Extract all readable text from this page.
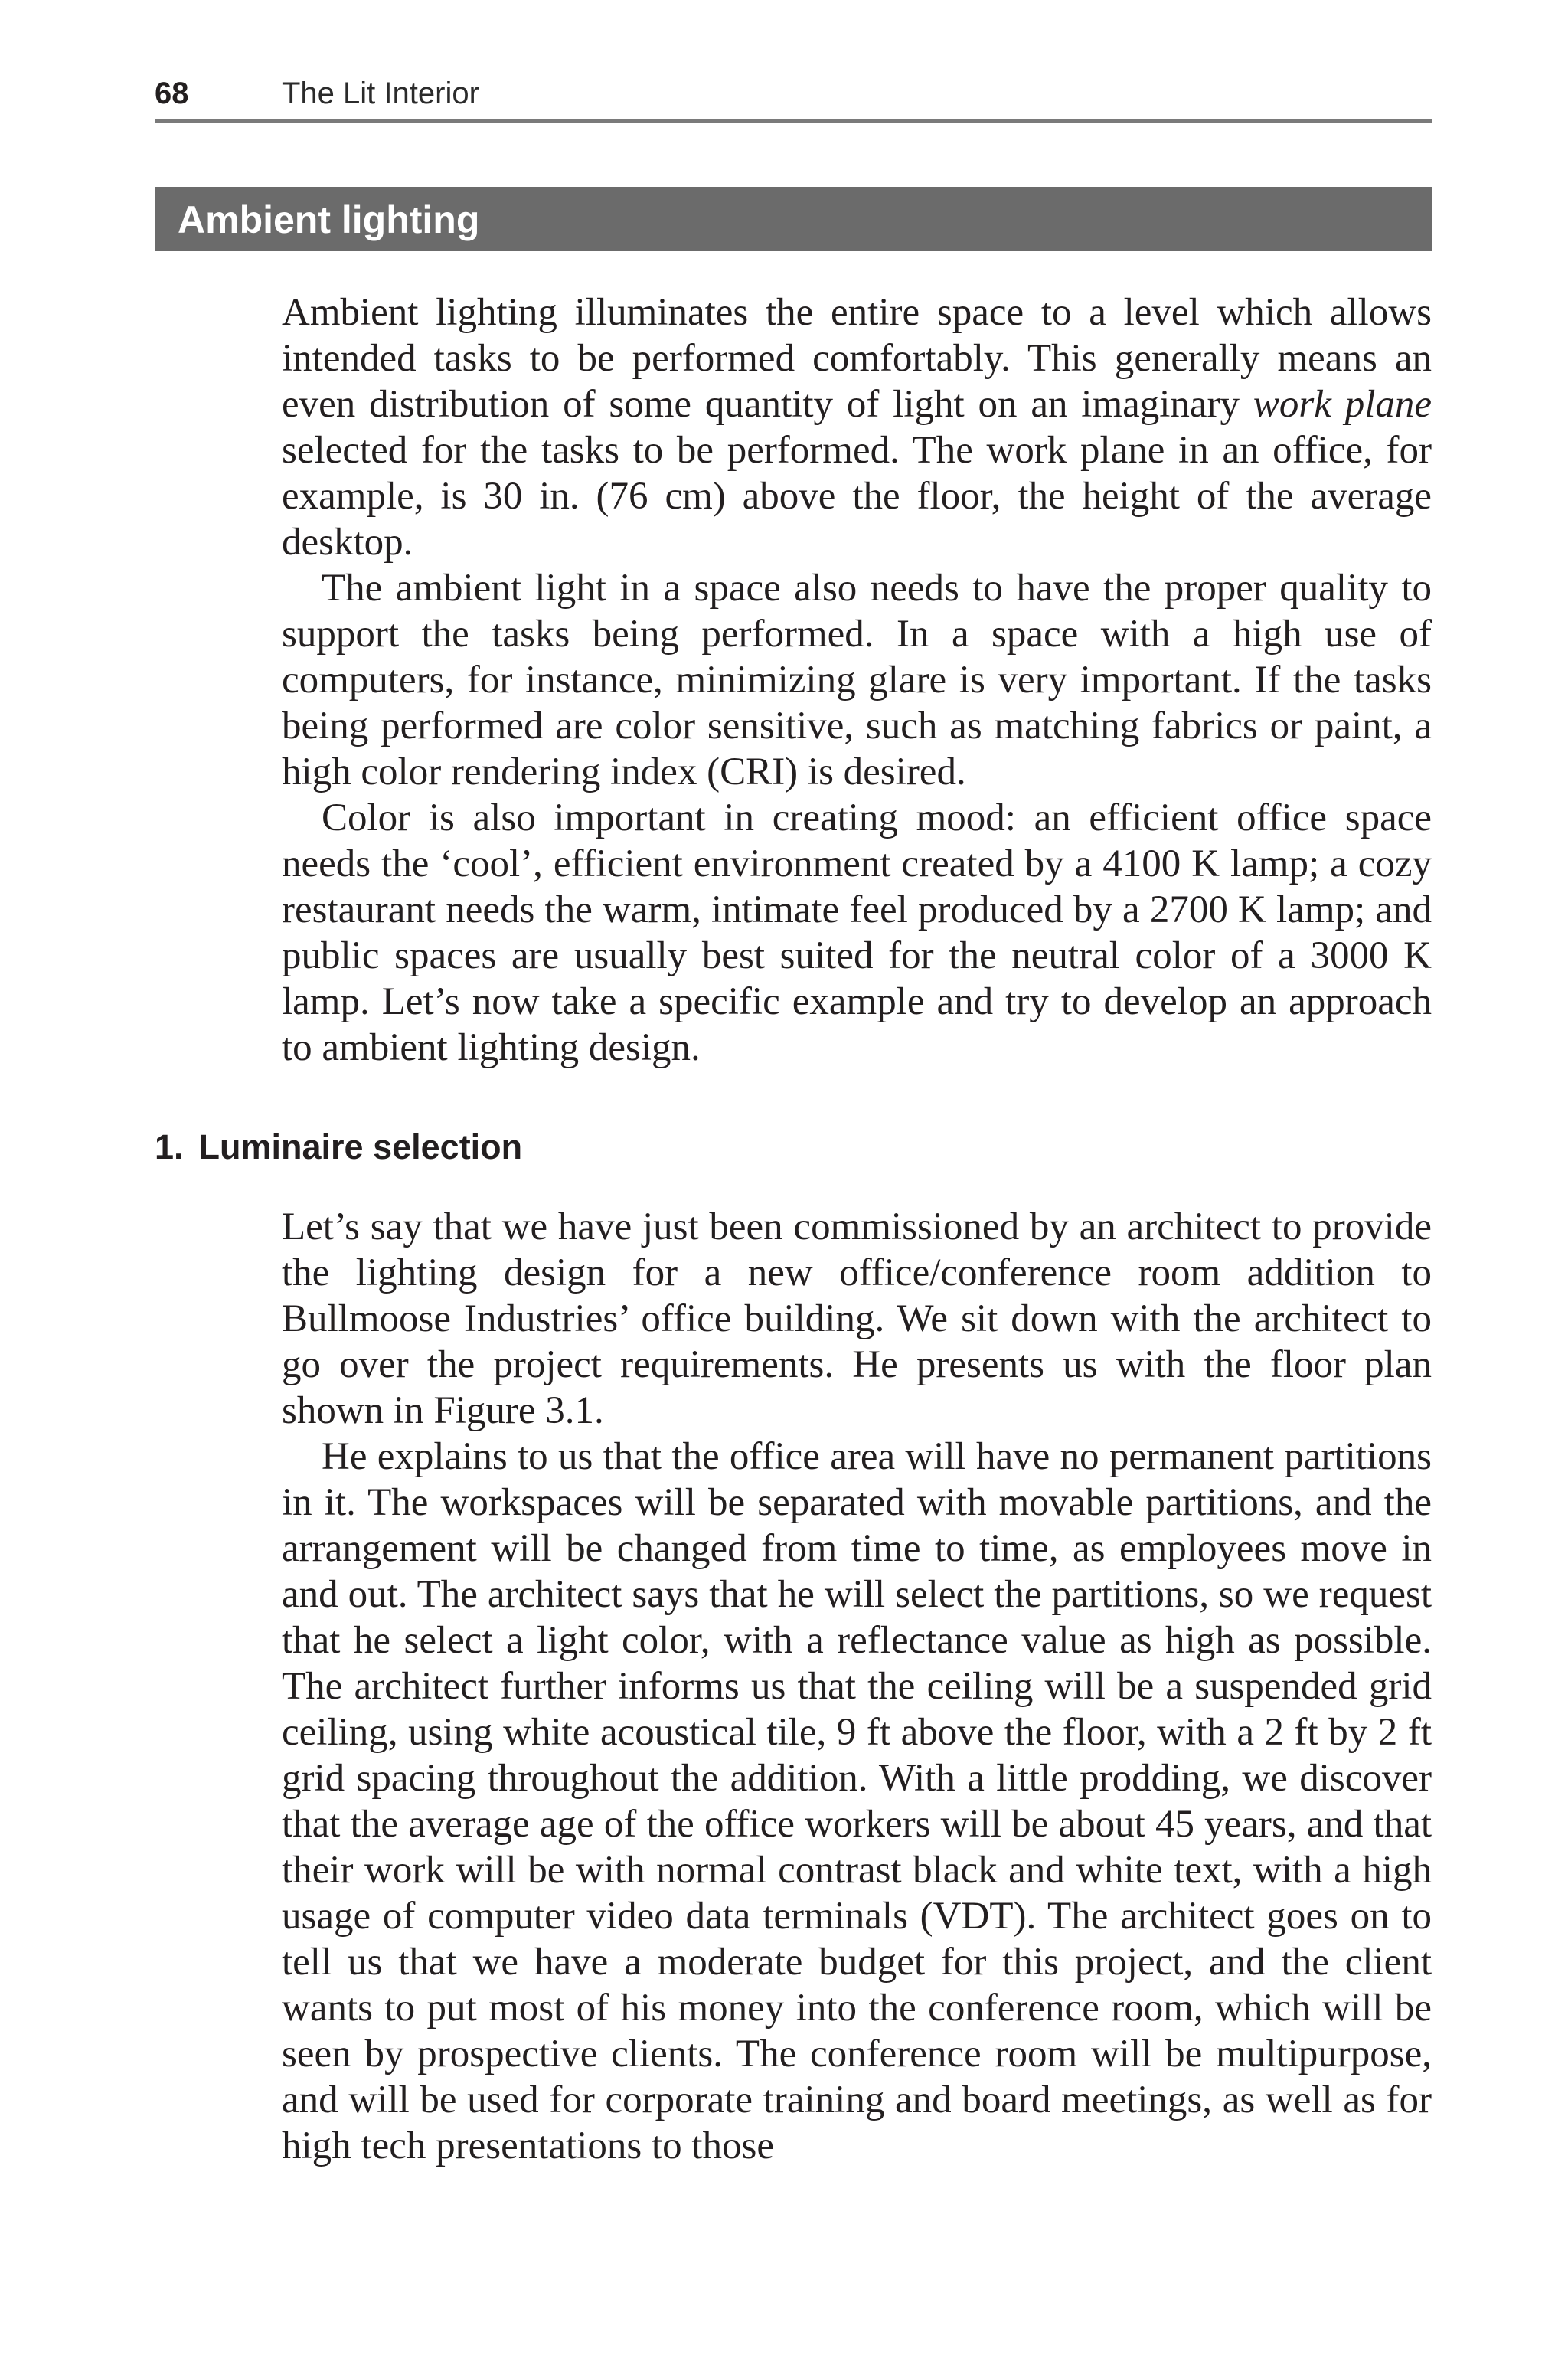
68	The Lit Interior
Ambient lighting

Ambient lighting illuminates the entire space to a level which allows intended tasks to be performed comfortably. This generally means an even distribution of some quantity of light on an imaginary work plane selected for the tasks to be performed. The work plane in an office, for example, is 30 in. (76 cm) above the floor, the height of the average desktop.

The ambient light in a space also needs to have the proper quality to support the tasks being performed. In a space with a high use of computers, for instance, minimizing glare is very important. If the tasks being performed are color sensitive, such as matching fabrics or paint, a high color rendering index (CRI) is desired.

Color is also important in creating mood: an efficient office space needs the ‘cool’, efficient environment created by a 4100 K lamp; a cozy restaurant needs the warm, intimate feel produced by a 2700 K lamp; and public spaces are usually best suited for the neutral color of a 3000 K lamp. Let’s now take a specific example and try to develop an approach to ambient lighting design.

1. Luminaire selection

Let’s say that we have just been commissioned by an architect to provide the lighting design for a new office/conference room addition to Bullmoose Industries’ office building. We sit down with the architect to go over the project requirements. He presents us with the floor plan shown in Figure 3.1.

He explains to us that the office area will have no permanent partitions in it. The workspaces will be separated with movable partitions, and the arrangement will be changed from time to time, as employees move in and out. The architect says that he will select the partitions, so we request that he select a light color, with a reflectance value as high as possible. The architect further informs us that the ceiling will be a suspended grid ceiling, using white acoustical tile, 9 ft above the floor, with a 2 ft by 2 ft grid spacing throughout the addition. With a little prodding, we discover that the average age of the office workers will be about 45 years, and that their work will be with normal contrast black and white text, with a high usage of computer video data terminals (VDT). The architect goes on to tell us that we have a moderate budget for this project, and the client wants to put most of his money into the conference room, which will be seen by prospective clients. The conference room will be multipurpose, and will be used for corporate training and board meetings, as well as for high tech presentations to those
